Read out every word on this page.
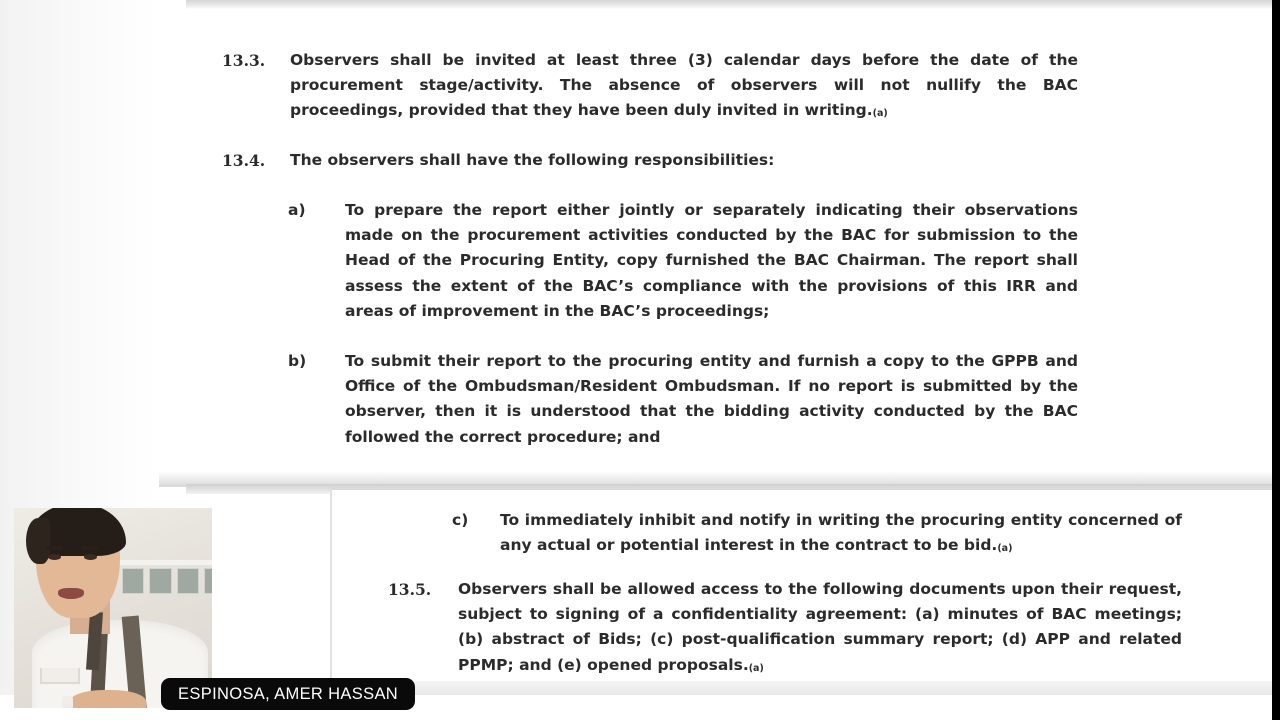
13.3.	Observers shall be invited at least three (3) calendar days before the date of the procurement stage/activity. The absence of observers will not nullify the BAC proceedings, provided that they have been duly invited in writing.$^{(a)}$

13.4.	The observers shall have the following responsibilities:

a)	To prepare the report either jointly or separately indicating their observations made on the procurement activities conducted by the BAC for submission to the Head of the Procuring Entity, copy furnished the BAC Chairman. The report shall assess the extent of the BAC’s compliance with the provisions of this IRR and areas of improvement in the BAC’s proceedings;

b)	To submit their report to the procuring entity and furnish a copy to the GPPB and Office of the Ombudsman/Resident Ombudsman. If no report is submitted by the observer, then it is understood that the bidding activity conducted by the BAC followed the correct procedure; and

c)	To immediately inhibit and notify in writing the procuring entity concerned of any actual or potential interest in the contract to be bid.$^{(a)}$

13.5.	Observers shall be allowed access to the following documents upon their request, subject to signing of a confidentiality agreement: (a) minutes of BAC meetings; (b) abstract of Bids; (c) post-qualification summary report; (d) APP and related PPMP; and (e) opened proposals.$^{(a)}$

ESPINOSA, AMER HASSAN
